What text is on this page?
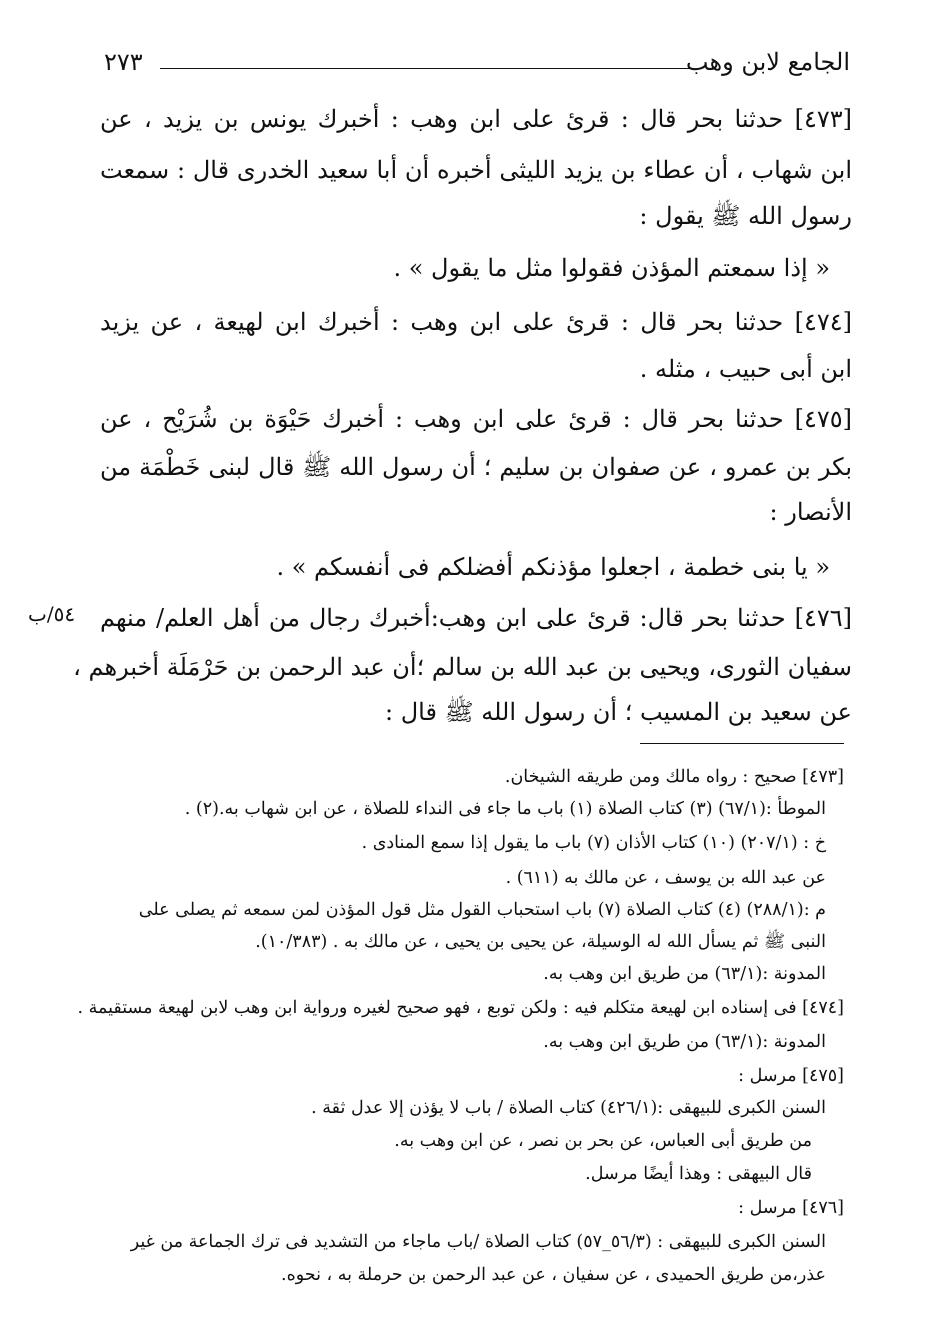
الجامع لابن وهب
٢٧٣
[٤٧٣] حدثنا بحر قال : قرئ على ابن وهب : أخبرك يونس بن يزيد ، عن
ابن شهاب ، أن عطاء بن يزيد الليثى أخبره أن أبا سعيد الخدرى قال : سمعت
رسول الله ﷺ يقول :
« إذا سمعتم المؤذن فقولوا مثل ما يقول » .
[٤٧٤] حدثنا بحر قال : قرئ على ابن وهب : أخبرك ابن لهيعة ، عن يزيد
ابن أبى حبيب ، مثله .
[٤٧٥] حدثنا بحر قال : قرئ على ابن وهب : أخبرك حَيْوَة بن شُرَيْح ، عن
بكر بن عمرو ، عن صفوان بن سليم ؛ أن رسول الله ﷺ قال لبنى خَطْمَة من
الأنصار :
« يا بنى خطمة ، اجعلوا مؤذنكم أفضلكم فى أنفسكم » .
[٤٧٦] حدثنا بحر قال: قرئ على ابن وهب:أخبرك رجال من أهل العلم/ منهم
سفيان الثورى، ويحيى بن عبد الله بن سالم ؛أن عبد الرحمن بن حَرْمَلَة أخبرهم ،
عن سعيد بن المسيب ؛ أن رسول الله ﷺ قال :
٥٤/ب
[٤٧٣] صحيح : رواه مالك ومن طريقه الشيخان.
الموطأ :(٦٧/١) (٣) كتاب الصلاة (١) باب ما جاء فى النداء للصلاة ، عن ابن شهاب به.(٢) .
خ : (٢٠٧/١) (١٠) كتاب الأذان (٧) باب ما يقول إذا سمع المنادى .
عن عبد الله بن يوسف ، عن مالك به (٦١١) .
م :(٢٨٨/١) (٤) كتاب الصلاة (٧) باب استحباب القول مثل قول المؤذن لمن سمعه ثم يصلى على
النبى ﷺ ثم يسأل الله له الوسيلة، عن يحيى بن يحيى ، عن مالك به . (١٠/٣٨٣).
المدونة :(٦٣/١) من طريق ابن وهب به.
[٤٧٤] فى إسناده ابن لهيعة متكلم فيه : ولكن توبع ، فهو صحيح لغيره ورواية ابن وهب لابن لهيعة مستقيمة .
المدونة :(٦٣/١) من طريق ابن وهب به.
[٤٧٥] مرسل :
السنن الكبرى للبيهقى :(٤٢٦/١) كتاب الصلاة / باب لا يؤذن إلا عدل ثقة .
من طريق أبى العباس، عن بحر بن نصر ، عن ابن وهب به.
قال البيهقى : وهذا أيضًا مرسل.
[٤٧٦] مرسل :
السنن الكبرى للبيهقى : (٥٦/٣_٥٧) كتاب الصلاة /باب ماجاء من التشديد فى ترك الجماعة من غير
عذر،من طريق الحميدى ، عن سفيان ، عن عبد الرحمن بن حرملة به ، نحوه.
